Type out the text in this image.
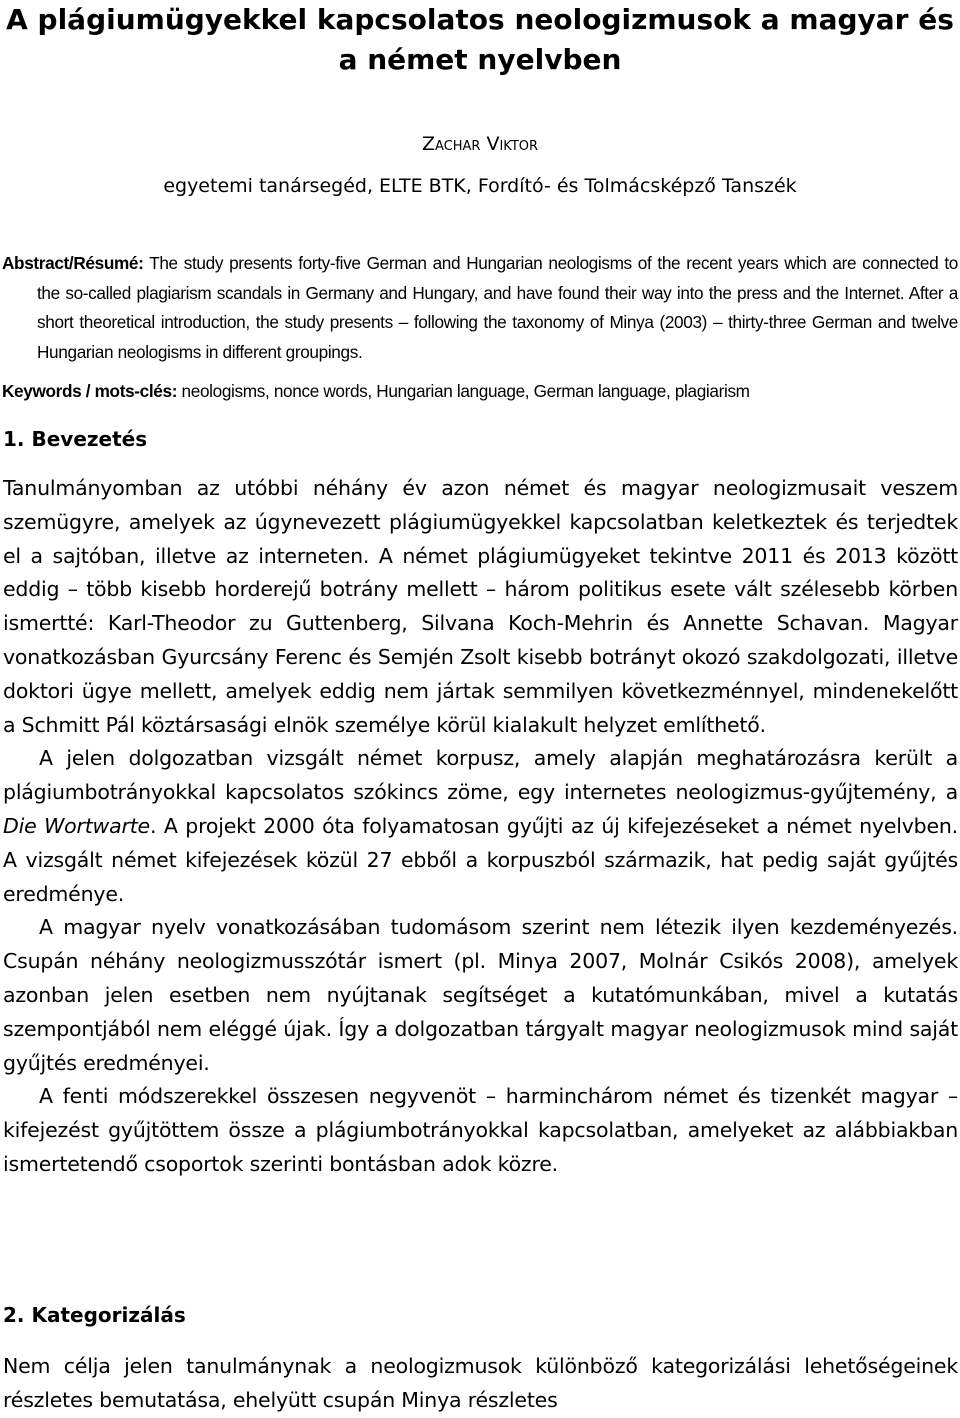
A plágiumügyekkel kapcsolatos neologizmusok a magyar és a német nyelvben
Zachar Viktor
egyetemi tanársegéd, ELTE BTK, Fordító- és Tolmácsképző Tanszék
Abstract/Résumé: The study presents forty-five German and Hungarian neologisms of the recent years which are connected to the so-called plagiarism scandals in Germany and Hungary, and have found their way into the press and the Internet. After a short theoretical introduction, the study presents – following the taxonomy of Minya (2003) – thirty-three German and twelve Hungarian neologisms in different groupings.
Keywords / mots-clés: neologisms, nonce words, Hungarian language, German language, plagiarism
1. Bevezetés

Tanulmányomban az utóbbi néhány év azon német és magyar neologizmusait veszem szemügyre, amelyek az úgynevezett plágiumügyekkel kapcsolatban keletkeztek és terjedtek el a sajtóban, illetve az interneten. A német plágiumügyeket tekintve 2011 és 2013 között eddig – több kisebb horderejű botrány mellett – három politikus esete vált szélesebb körben ismertté: Karl-Theodor zu Guttenberg, Silvana Koch-Mehrin és Annette Schavan. Magyar vonatkozásban Gyurcsány Ferenc és Semjén Zsolt kisebb botrányt okozó szakdolgozati, illetve doktori ügye mellett, amelyek eddig nem jártak semmilyen következménnyel, mindenekelőtt a Schmitt Pál köztársasági elnök személye körül kialakult helyzet említhető.

A jelen dolgozatban vizsgált német korpusz, amely alapján meghatározásra került a plágiumbotrányokkal kapcsolatos szókincs zöme, egy internetes neologizmus-gyűjtemény, a Die Wortwarte. A projekt 2000 óta folyamatosan gyűjti az új kifejezéseket a német nyelvben. A vizsgált német kifejezések közül 27 ebből a korpuszból származik, hat pedig saját gyűjtés eredménye.

A magyar nyelv vonatkozásában tudomásom szerint nem létezik ilyen kezdeményezés. Csupán néhány neologizmusszótár ismert (pl. Minya 2007, Molnár Csikós 2008), amelyek azonban jelen esetben nem nyújtanak segítséget a kutatómunkában, mivel a kutatás szempontjából nem eléggé újak. Így a dolgozatban tárgyalt magyar neologizmusok mind saját gyűjtés eredményei.

A fenti módszerekkel összesen negyvenöt – harminchárom német és tizenkét magyar – kifejezést gyűjtöttem össze a plágiumbotrányokkal kapcsolatban, amelyeket az alábbiakban ismertetendő csoportok szerinti bontásban adok közre.

2. Kategorizálás

Nem célja jelen tanulmánynak a neologizmusok különböző kategorizálási lehetőségeinek részletes bemutatása, ehelyütt csupán Minya részletes
